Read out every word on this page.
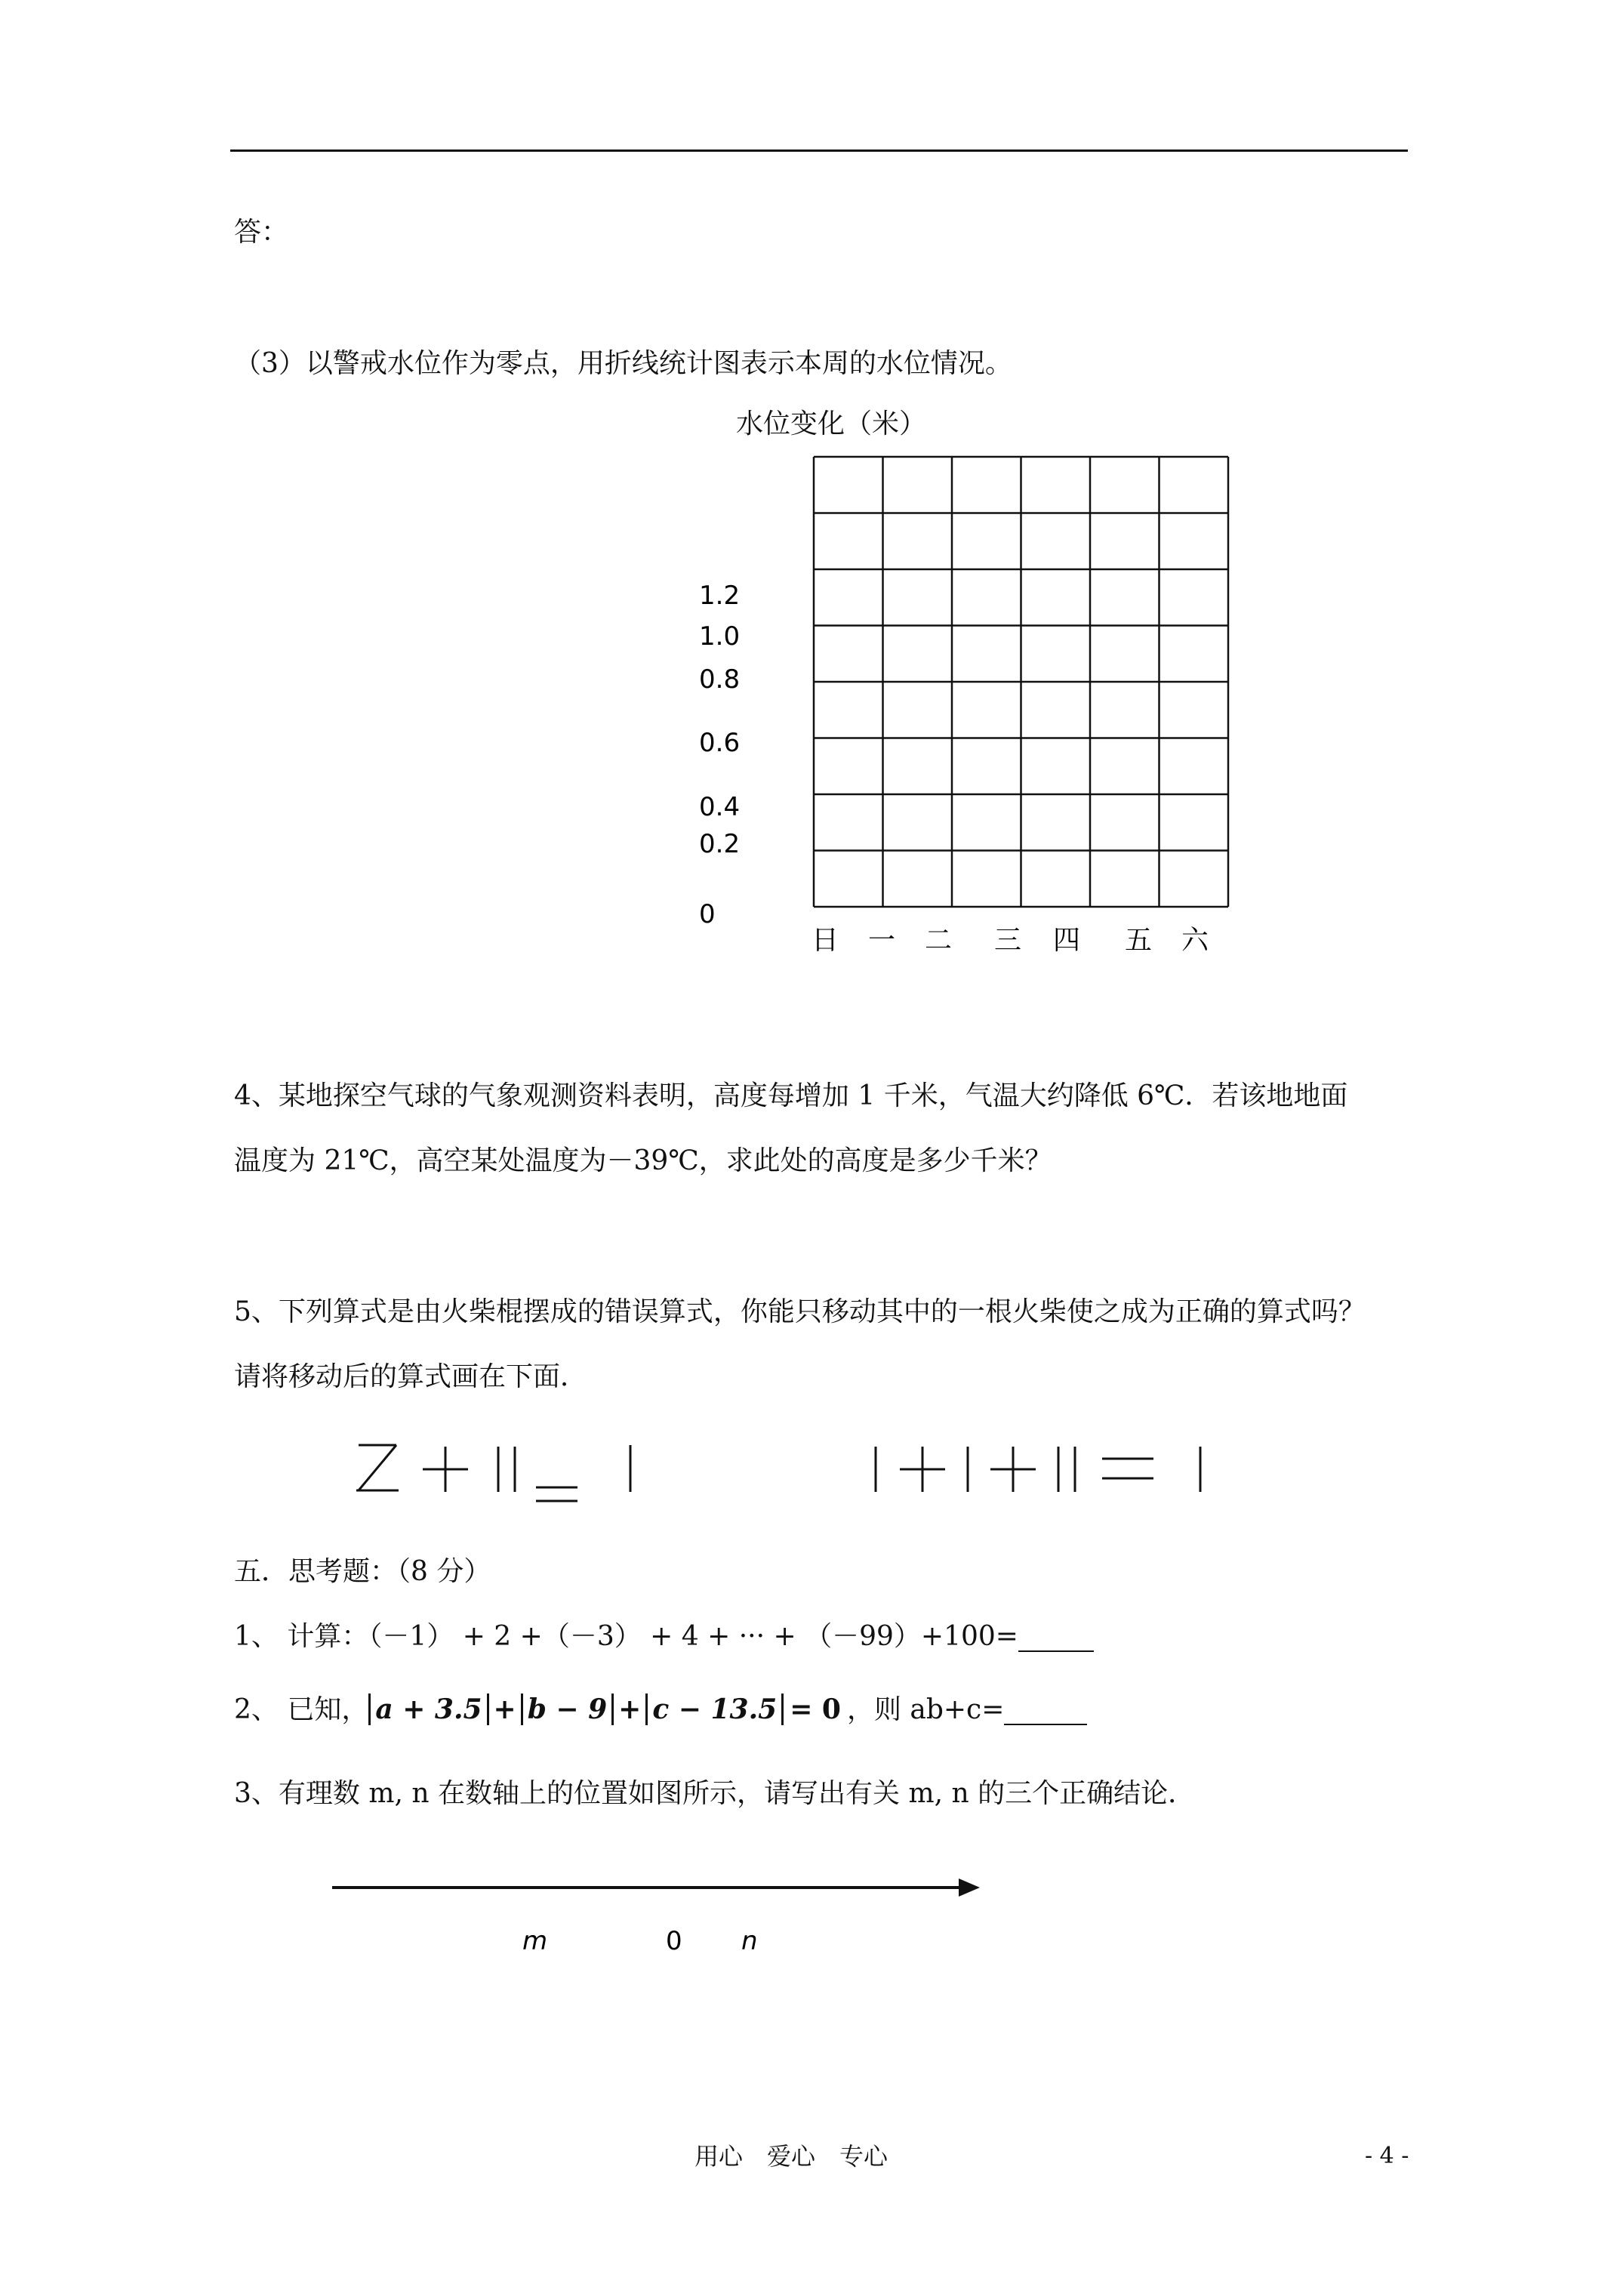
答：
（3）以警戒水位作为零点，用折线统计图表示本周的水位情况。
水位变化（米）
1.2
1.0
0.8
0.6
0.4
0.2
0
日 一 二 三 四 五 六
4、某地探空气球的气象观测资料表明，高度每增加 1 千米，气温大约降低 6℃．若该地地面
温度为 21℃，高空某处温度为－39℃，求此处的高度是多少千米？
5、下列算式是由火柴棍摆成的错误算式，你能只移动其中的一根火柴使之成为正确的算式吗？
请将移动后的算式画在下面．
五．思考题：（8 分）
1、 计算：（－1） + 2 +（－3） + 4 + ··· + （－99）+100=
2、 已知， a + 3.5 + b − 9 + c − 13.5 = 0 ，则 ab+c=
3、有理数 m, n 在数轴上的位置如图所示，请写出有关 m, n 的三个正确结论．
m	0 n
用心　爱心　专心	- 4 -
